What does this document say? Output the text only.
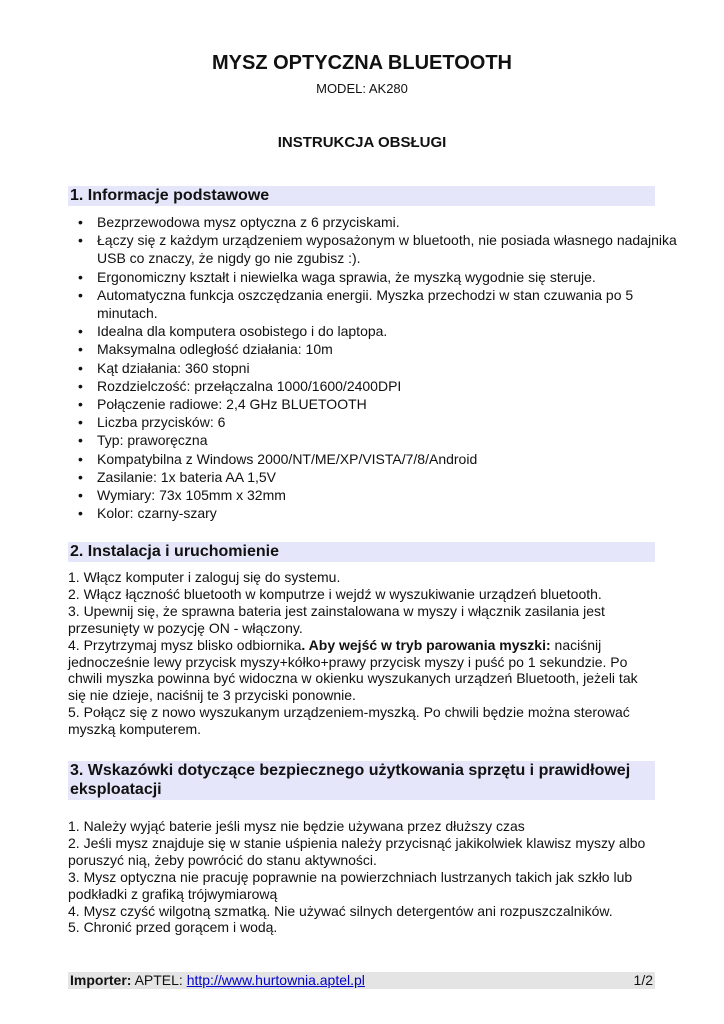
MYSZ OPTYCZNA BLUETOOTH
MODEL: AK280
INSTRUKCJA OBSŁUGI
1. Informacje podstawowe
• Bezprzewodowa mysz optyczna z 6 przyciskami.
• Łączy się z każdym urządzeniem wyposażonym w bluetooth, nie posiada własnego nadajnika USB co znaczy, że nigdy go nie zgubisz :).
• Ergonomiczny kształt i niewielka waga sprawia, że myszką wygodnie się steruje.
• Automatyczna funkcja oszczędzania energii. Myszka przechodzi w stan czuwania po 5 minutach.
• Idealna dla komputera osobistego i do laptopa.
• Maksymalna odległość działania: 10m
• Kąt działania: 360 stopni
• Rozdzielczość: przełączalna 1000/1600/2400DPI
• Połączenie radiowe: 2,4 GHz BLUETOOTH
• Liczba przycisków: 6
• Typ: praworęczna
• Kompatybilna z Windows 2000/NT/ME/XP/VISTA/7/8/Android
• Zasilanie: 1x bateria AA 1,5V
• Wymiary: 73x 105mm x 32mm
• Kolor: czarny-szary
2. Instalacja i uruchomienie

1. Włącz komputer i zaloguj się do systemu.

2. Włącz łączność bluetooth w komputrze i wejdź w wyszukiwanie urządzeń bluetooth.

3. Upewnij się, że sprawna bateria jest zainstalowana w myszy i włącznik zasilania jest przesunięty w pozycję ON - włączony.

4. Przytrzymaj mysz blisko odbiornika. Aby wejść w tryb parowania myszki: naciśnij jednocześnie lewy przycisk myszy+kółko+prawy przycisk myszy i puść po 1 sekundzie. Po chwili myszka powinna być widoczna w okienku wyszukanych urządzeń Bluetooth, jeżeli tak się nie dzieje, naciśnij te 3 przyciski ponownie.

5. Połącz się z nowo wyszukanym urządzeniem-myszką. Po chwili będzie można sterować myszką komputerem.

3. Wskazówki dotyczące bezpiecznego użytkowania sprzętu i prawidłowej eksploatacji

1. Należy wyjąć baterie jeśli mysz nie będzie używana przez dłuższy czas

2. Jeśli mysz znajduje się w stanie uśpienia należy przycisnąć jakikolwiek klawisz myszy albo poruszyć nią, żeby powrócić do stanu aktywności.

3. Mysz optyczna nie pracuję poprawnie na powierzchniach lustrzanych takich jak szkło lub podkładki z grafiką trójwymiarową

4. Mysz czyść wilgotną szmatką. Nie używać silnych detergentów ani rozpuszczalników.

5. Chronić przed gorącem i wodą.

Importer: APTEL: http://www.hurtownia.aptel.pl	1/2
